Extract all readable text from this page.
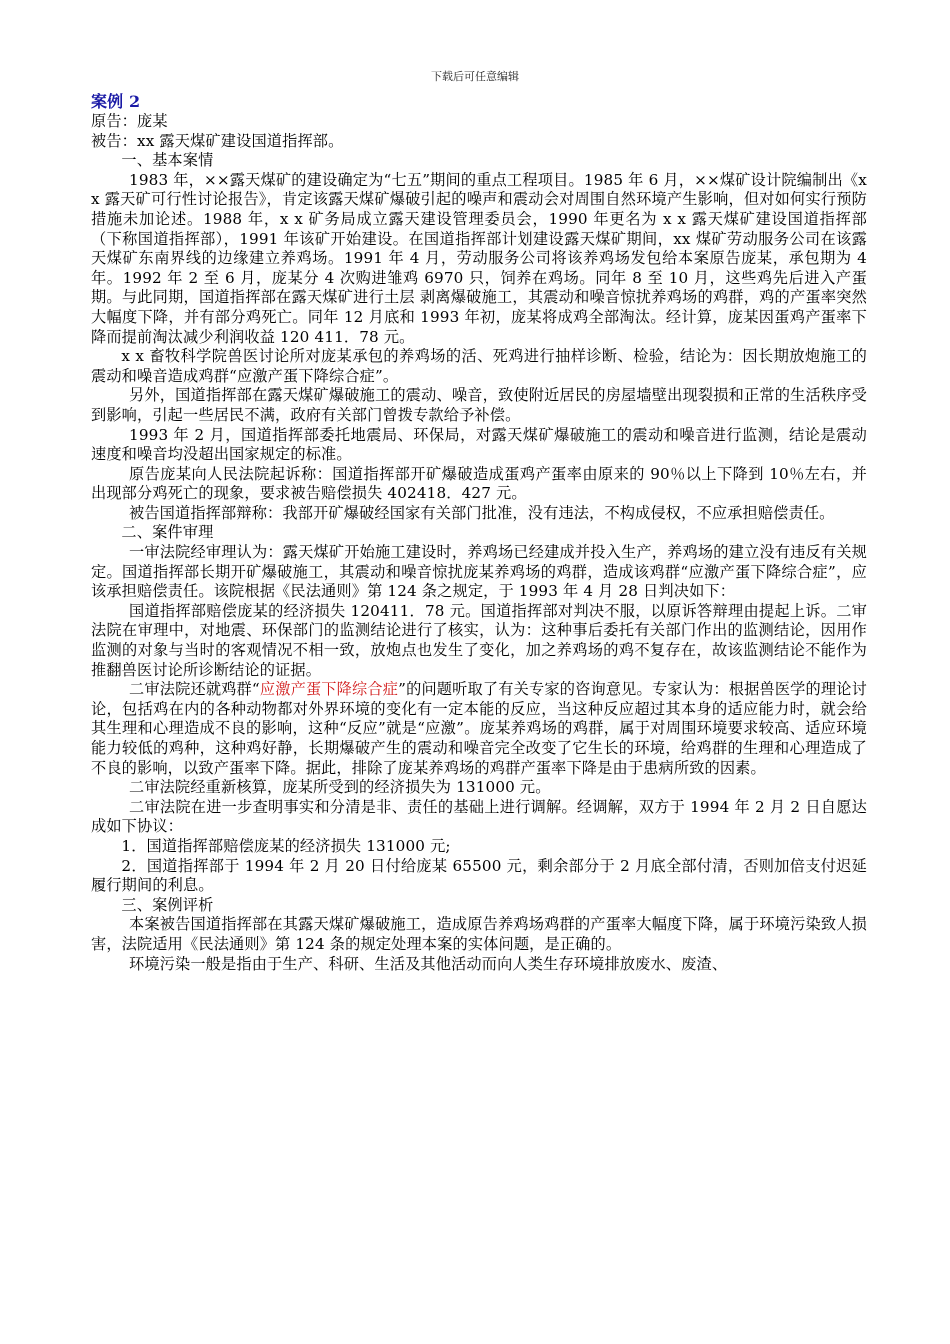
下载后可任意编辑

案例 2

原告：庞某

被告：xx 露天煤矿建设国道指挥部。

一、基本案情

1983 年，××露天煤矿的建设确定为“七五”期间的重点工程项目。1985 年 6 月，××煤矿设计院编制出《x x 露天矿可行性讨论报告》，肯定该露天煤矿爆破引起的噪声和震动会对周围自然环境产生影响，但对如何实行预防措施未加论述。1988 年，x x 矿务局成立露天建设管理委员会，1990 年更名为 x x 露天煤矿建设国道指挥部（下称国道指挥部），1991 年该矿开始建设。在国道指挥部计划建设露天煤矿期间，xx 煤矿劳动服务公司在该露天煤矿东南界线的边缘建立养鸡场。1991 年 4 月，劳动服务公司将该养鸡场发包给本案原告庞某，承包期为 4 年。1992 年 2 至 6 月，庞某分 4 次购进雏鸡 6970 只，饲养在鸡场。同年 8 至 10 月，这些鸡先后进入产蛋期。与此同期，国道指挥部在露天煤矿进行土层 剥离爆破施工，其震动和噪音惊扰养鸡场的鸡群，鸡的产蛋率突然大幅度下降，并有部分鸡死亡。同年 12 月底和 1993 年初，庞某将成鸡全部淘汰。经计算，庞某因蛋鸡产蛋率下降而提前淘汰减少利润收益 120 411．78 元。

x x 畜牧科学院兽医讨论所对庞某承包的养鸡场的活、死鸡进行抽样诊断、检验，结论为：因长期放炮施工的震动和噪音造成鸡群“应激产蛋下降综合症”。

另外，国道指挥部在露天煤矿爆破施工的震动、噪音，致使附近居民的房屋墙壁出现裂损和正常的生活秩序受到影响，引起一些居民不满，政府有关部门曾拨专款给予补偿。

1993 年 2 月，国道指挥部委托地震局、环保局，对露天煤矿爆破施工的震动和噪音进行监测，结论是震动速度和噪音均没超出国家规定的标准。

原告庞某向人民法院起诉称：国道指挥部开矿爆破造成蛋鸡产蛋率由原来的 90％以上下降到 10％左右，并出现部分鸡死亡的现象，要求被告赔偿损失 402418．427 元。

被告国道指挥部辩称：我部开矿爆破经国家有关部门批准，没有违法，不构成侵权，不应承担赔偿责任。

二、案件审理

一审法院经审理认为：露天煤矿开始施工建设时，养鸡场已经建成并投入生产，养鸡场的建立没有违反有关规定。国道指挥部长期开矿爆破施工，其震动和噪音惊扰庞某养鸡场的鸡群，造成该鸡群“应激产蛋下降综合症”，应该承担赔偿责任。该院根据《民法通则》第 124 条之规定，于 1993 年 4 月 28 日判决如下：

国道指挥部赔偿庞某的经济损失 120411．78 元。国道指挥部对判决不服，以原诉答辩理由提起上诉。二审法院在审理中，对地震、环保部门的监测结论进行了核实，认为：这种事后委托有关部门作出的监测结论，因用作监测的对象与当时的客观情况不相一致，放炮点也发生了变化，加之养鸡场的鸡不复存在，故该监测结论不能作为推翻兽医讨论所诊断结论的证据。

二审法院还就鸡群“应激产蛋下降综合症”的问题听取了有关专家的咨询意见。专家认为：根据兽医学的理论讨论，包括鸡在内的各种动物都对外界环境的变化有一定本能的反应，当这种反应超过其本身的适应能力时，就会给其生理和心理造成不良的影响，这种“反应”就是“应激”。庞某养鸡场的鸡群，属于对周围环境要求较高、适应环境能力较低的鸡种，这种鸡好静，长期爆破产生的震动和噪音完全改变了它生长的环境，给鸡群的生理和心理造成了不良的影响，以致产蛋率下降。据此，排除了庞某养鸡场的鸡群产蛋率下降是由于患病所致的因素。

二审法院经重新核算，庞某所受到的经济损失为 131000 元。

二审法院在进一步查明事实和分清是非、责任的基础上进行调解。经调解，双方于 1994 年 2 月 2 日自愿达成如下协议：

1．国道指挥部赔偿庞某的经济损失 131000 元;

2．国道指挥部于 1994 年 2 月 20 日付给庞某 65500 元，剩余部分于 2 月底全部付清，否则加倍支付迟延履行期间的利息。

三、案例评析

本案被告国道指挥部在其露天煤矿爆破施工，造成原告养鸡场鸡群的产蛋率大幅度下降，属于环境污染致人损害，法院适用《民法通则》第 124 条的规定处理本案的实体问题，是正确的。

环境污染一般是指由于生产、科研、生活及其他活动而向人类生存环境排放废水、废渣、
